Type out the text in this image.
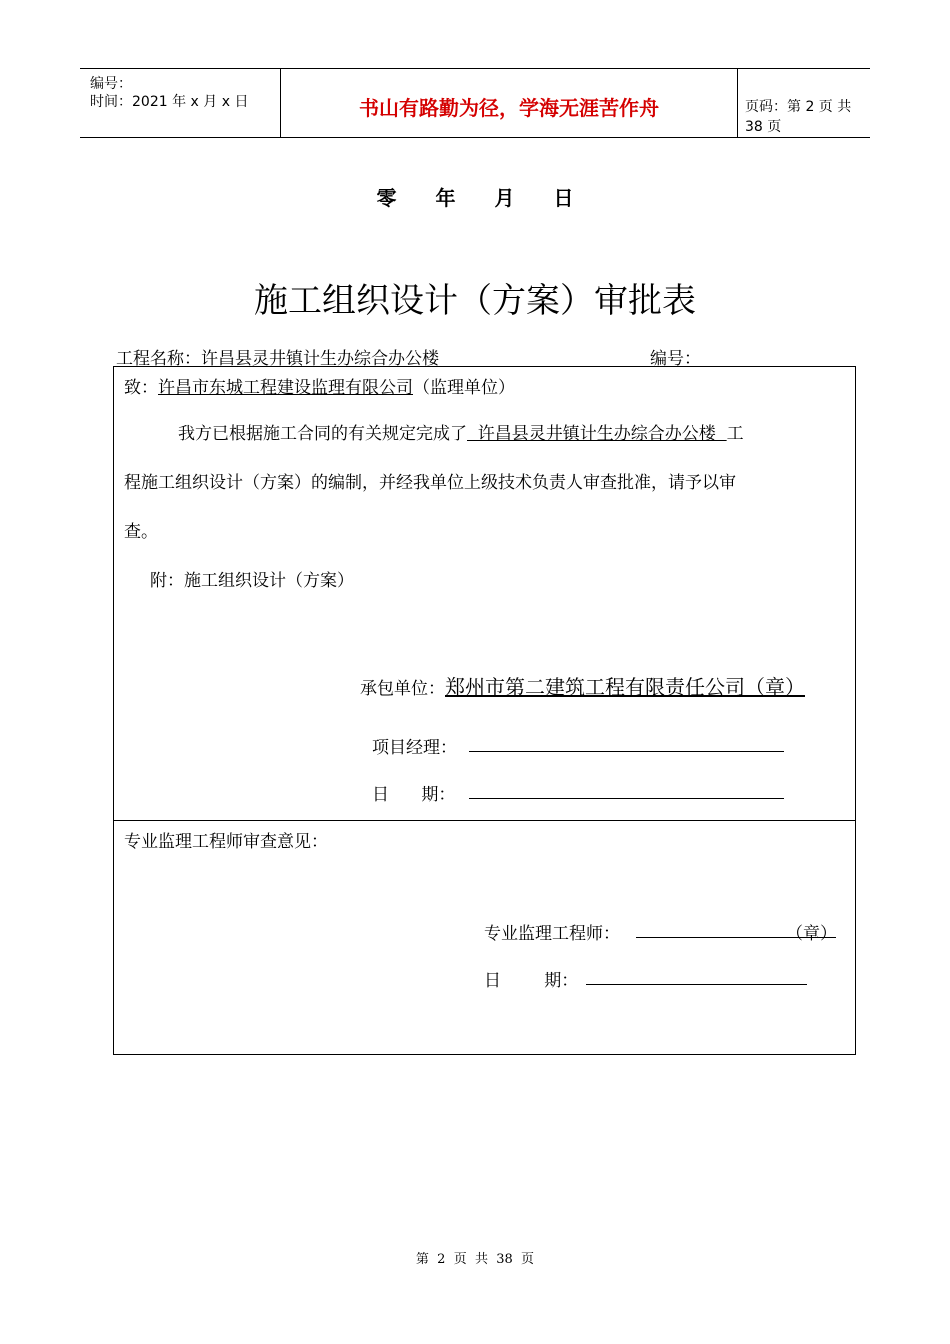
编号：
时间：2021 年 x 月 x 日	书山有路勤为径，学海无涯苦作舟	页码：第 2 页 共 38 页
零 年 月 日
施工组织设计（方案）审批表
工程名称：许昌县灵井镇计生办综合办公楼	编号：
致：许昌市东城工程建设监理有限公司（监理单位）
我方已根据施工合同的有关规定完成了  许昌县灵井镇计生办综合办公楼  工
程施工组织设计（方案）的编制，并经我单位上级技术负责人审查批准，请予以审
查。
附：施工组织设计（方案）
承包单位：郑州市第二建筑工程有限责任公司（章）
项目经理：
日      期：
专业监理工程师审查意见：
专业监理工程师：	（章）
日        期：
第  2  页  共  38  页
